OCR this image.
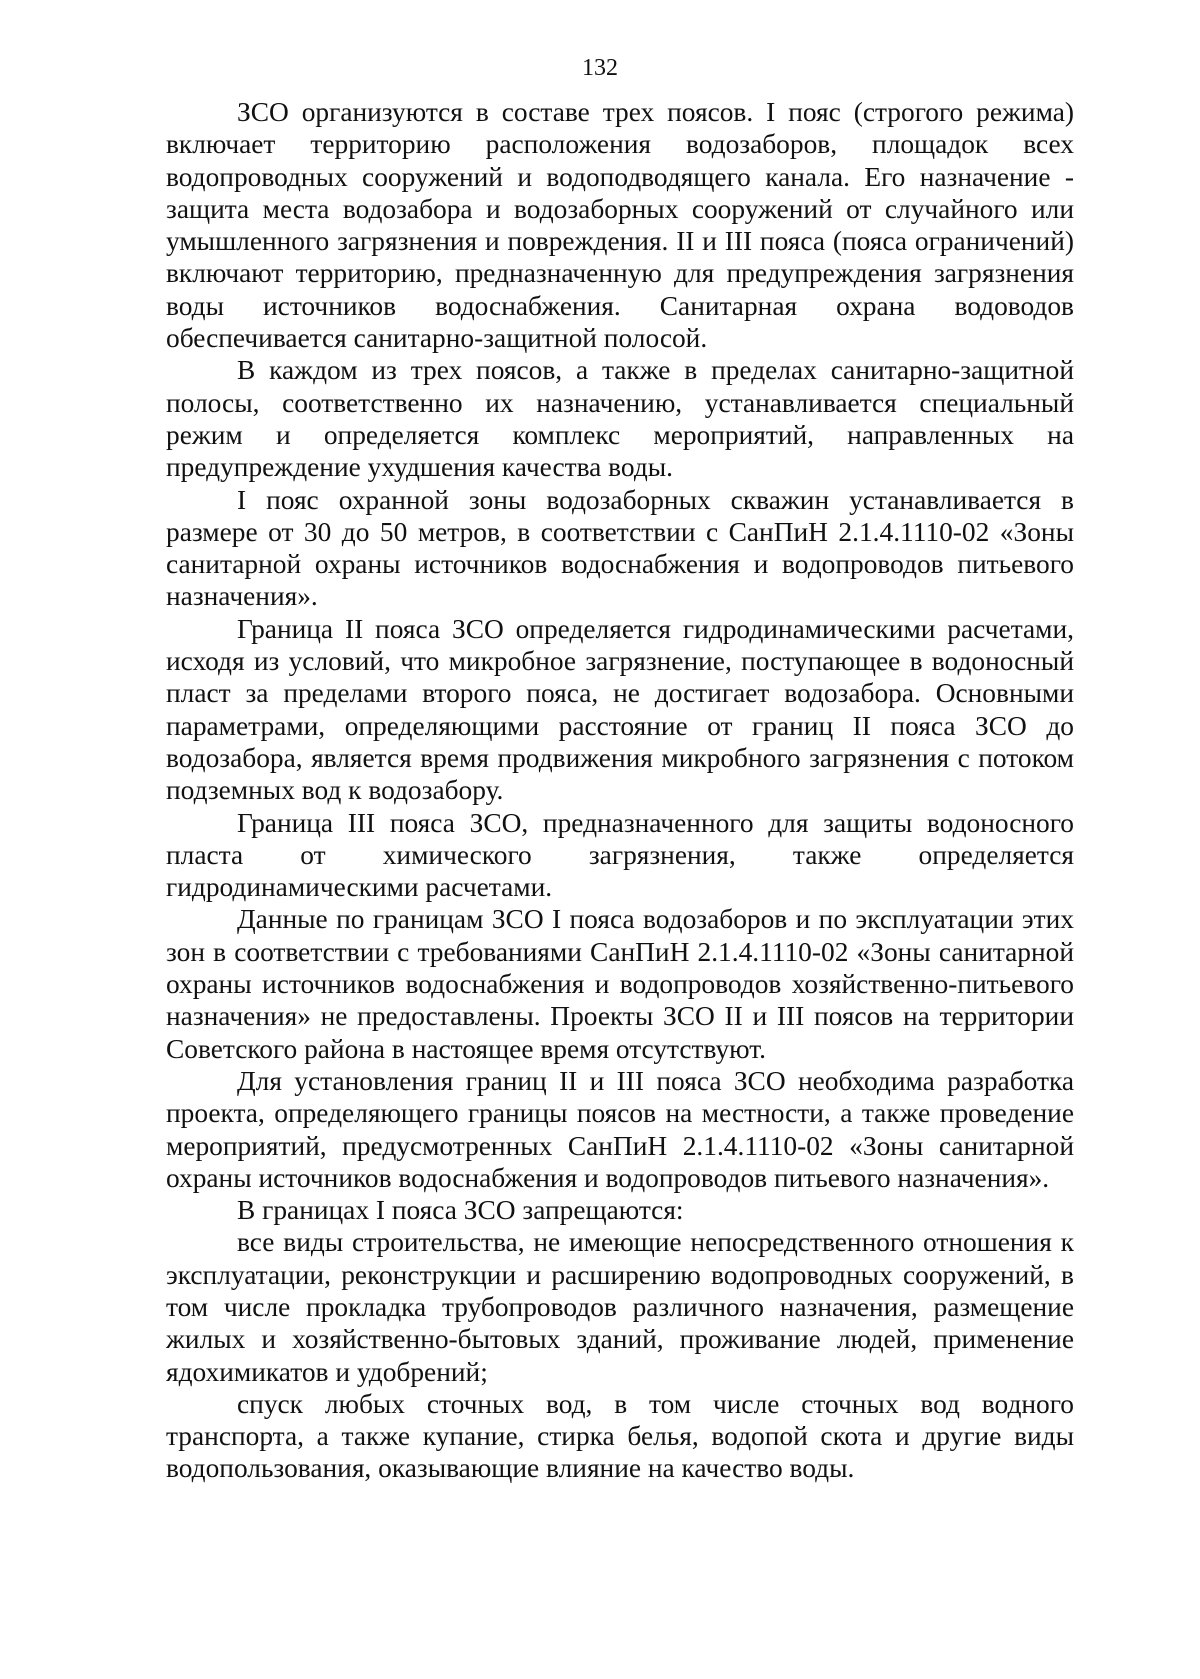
132

ЗСО организуются в составе трех поясов. I пояс (строгого режима) включает территорию расположения водозаборов, площадок всех водопроводных сооружений и водоподводящего канала. Его назначение - защита места водозабора и водозаборных сооружений от случайного или умышленного загрязнения и повреждения. II и III пояса (пояса ограничений) включают территорию, предназначенную для предупреждения загрязнения воды источников водоснабжения. Санитарная охрана водоводов обеспечивается санитарно-защитной полосой.

В каждом из трех поясов, а также в пределах санитарно-защитной полосы, соответственно их назначению, устанавливается специальный режим и определяется комплекс мероприятий, направленных на предупреждение ухудшения качества воды.

I пояс охранной зоны водозаборных скважин устанавливается в размере от 30 до 50 метров, в соответствии с СанПиН 2.1.4.1110-02 «Зоны санитарной охраны источников водоснабжения и водопроводов питьевого назначения».

Граница II пояса ЗСО определяется гидродинамическими расчетами, исходя из условий, что микробное загрязнение, поступающее в водоносный пласт за пределами второго пояса, не достигает водозабора. Основными параметрами, определяющими расстояние от границ II пояса ЗСО до водозабора, является время продвижения микробного загрязнения с потоком подземных вод к водозабору.

Граница III пояса ЗСО, предназначенного для защиты водоносного пласта от химического загрязнения, также определяется гидродинамическими расчетами.

Данные по границам ЗСО I пояса водозаборов и по эксплуатации этих зон в соответствии с требованиями СанПиН 2.1.4.1110-02 «Зоны санитарной охраны источников водоснабжения и водопроводов хозяйственно-питьевого назначения» не предоставлены. Проекты ЗСО II и III поясов на территории Советского района в настоящее время отсутствуют.

Для установления границ II и III пояса ЗСО необходима разработка проекта, определяющего границы поясов на местности, а также проведение мероприятий, предусмотренных СанПиН 2.1.4.1110-02 «Зоны санитарной охраны источников водоснабжения и водопроводов питьевого назначения».

В границах I пояса ЗСО запрещаются:

все виды строительства, не имеющие непосредственного отношения к эксплуатации, реконструкции и расширению водопроводных сооружений, в том числе прокладка трубопроводов различного назначения, размещение жилых и хозяйственно-бытовых зданий, проживание людей, применение ядохимикатов и удобрений;

спуск любых сточных вод, в том числе сточных вод водного транспорта, а также купание, стирка белья, водопой скота и другие виды водопользования, оказывающие влияние на качество воды.
